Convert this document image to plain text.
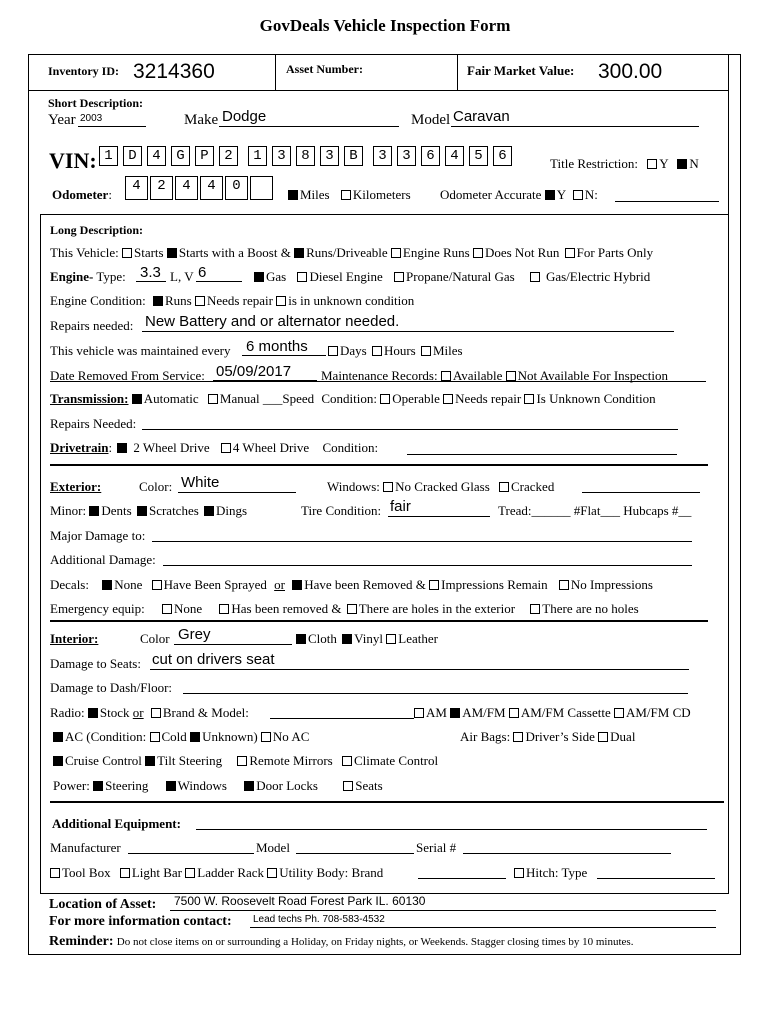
GovDeals Vehicle Inspection Form
Inventory ID: 3214360	Asset Number:	Fair Market Value: 300.00
Short Description:
Year 2003	Make Dodge	Model Caravan
VIN: 1	D	4	G	P	2	1	3	8	3	B	3	3	6	4	5	6	Title Restriction: Y N
Odometer:
4	2	4	4	0
Miles Kilometers Odometer Accurate Y N:
Long Description:
This Vehicle: Starts Starts with a Boost & Runs/Driveable Engine Runs Does Not Run For Parts Only
Engine- Type: 3.3 L, V 6	Gas Diesel Engine Propane/Natural Gas Gas/Electric Hybrid
Engine Condition: Runs Needs repair is in unknown condition
Repairs needed: New Battery and or alternator needed.
This vehicle was maintained every 6 months	Days Hours Miles
Date Removed From Service: 05/09/2017 Maintenance Records: Available Not Available For Inspection
Transmission: Automatic Manual ___Speed Condition: Operable Needs repair Is Unknown Condition
Repairs Needed:
Drivetrain: 2 Wheel Drive 4 Wheel Drive Condition:
Exterior:	Color: White	Windows: No Cracked Glass Cracked
Minor: Dents Scratches Dings	Tire Condition: fair	Tread:______ #Flat___ Hubcaps #__
Major Damage to:
Additional Damage:
Decals: None Have Been Sprayed or Have been Removed & Impressions Remain No Impressions
Emergency equip: None Has been removed & There are holes in the exterior There are no holes
Interior:	Color Grey	Cloth Vinyl Leather
Damage to Seats: cut on drivers seat
Damage to Dash/Floor:
Radio: Stock or Brand & Model:	AM AM/FM AM/FM Cassette AM/FM CD
AC (Condition: Cold Unknown) No AC	Air Bags: Driver’s Side Dual
Cruise Control Tilt Steering Remote Mirrors Climate Control
Power: Steering Windows Door Locks	Seats
Additional Equipment:
Manufacturer	Model	Serial #
Tool Box Light Bar Ladder Rack Utility Body: Brand	Hitch: Type
Location of Asset: 7500 W. Roosevelt Road Forest Park IL. 60130
For more information contact: Lead techs Ph. 708-583-4532
Reminder: Do not close items on or surrounding a Holiday, on Friday nights, or Weekends. Stagger closing times by 10 minutes.
